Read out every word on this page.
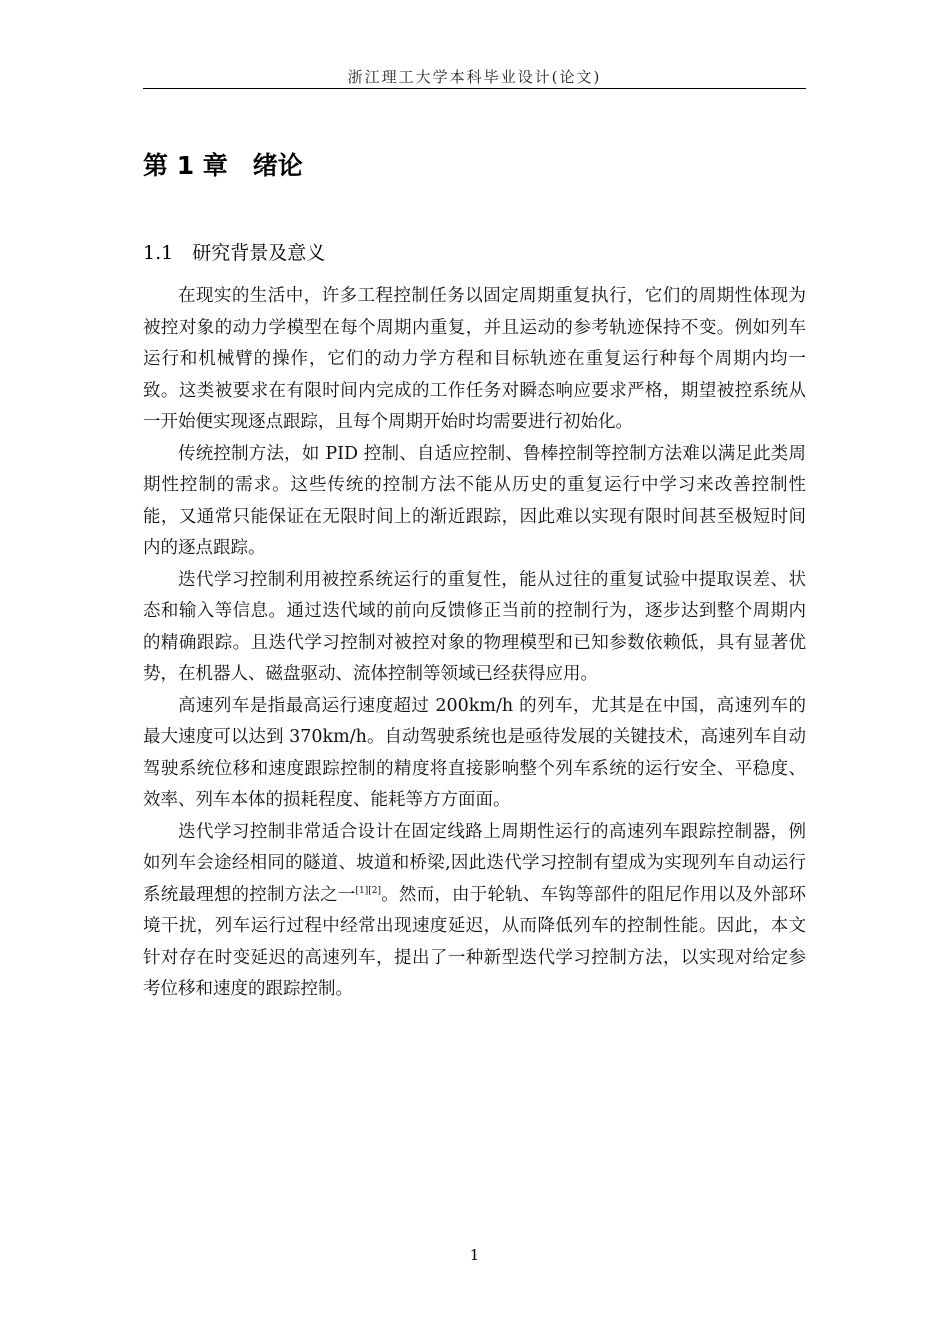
浙江理工大学本科毕业设计(论文)
第 1 章　绪论
1.1　研究背景及意义

在现实的生活中，许多工程控制任务以固定周期重复执行，它们的周期性体现为被控对象的动力学模型在每个周期内重复，并且运动的参考轨迹保持不变。例如列车运行和机械臂的操作，它们的动力学方程和目标轨迹在重复运行种每个周期内均一致。这类被要求在有限时间内完成的工作任务对瞬态响应要求严格，期望被控系统从一开始便实现逐点跟踪，且每个周期开始时均需要进行初始化。

传统控制方法，如 PID 控制、自适应控制、鲁棒控制等控制方法难以满足此类周期性控制的需求。这些传统的控制方法不能从历史的重复运行中学习来改善控制性能，又通常只能保证在无限时间上的渐近跟踪，因此难以实现有限时间甚至极短时间内的逐点跟踪。

迭代学习控制利用被控系统运行的重复性，能从过往的重复试验中提取误差、状态和输入等信息。通过迭代域的前向反馈修正当前的控制行为，逐步达到整个周期内的精确跟踪。且迭代学习控制对被控对象的物理模型和已知参数依赖低，具有显著优势，在机器人、磁盘驱动、流体控制等领域已经获得应用。

高速列车是指最高运行速度超过 200km/h 的列车，尤其是在中国，高速列车的最大速度可以达到 370km/h。自动驾驶系统也是亟待发展的关键技术，高速列车自动驾驶系统位移和速度跟踪控制的精度将直接影响整个列车系统的运行安全、平稳度、效率、列车本体的损耗程度、能耗等方方面面。

迭代学习控制非常适合设计在固定线路上周期性运行的高速列车跟踪控制器，例如列车会途经相同的隧道、坡道和桥梁,因此迭代学习控制有望成为实现列车自动运行系统最理想的控制方法之一[1][2]。然而，由于轮轨、车钩等部件的阻尼作用以及外部环境干扰，列车运行过程中经常出现速度延迟，从而降低列车的控制性能。因此，本文针对存在时变延迟的高速列车，提出了一种新型迭代学习控制方法，以实现对给定参考位移和速度的跟踪控制。

1
